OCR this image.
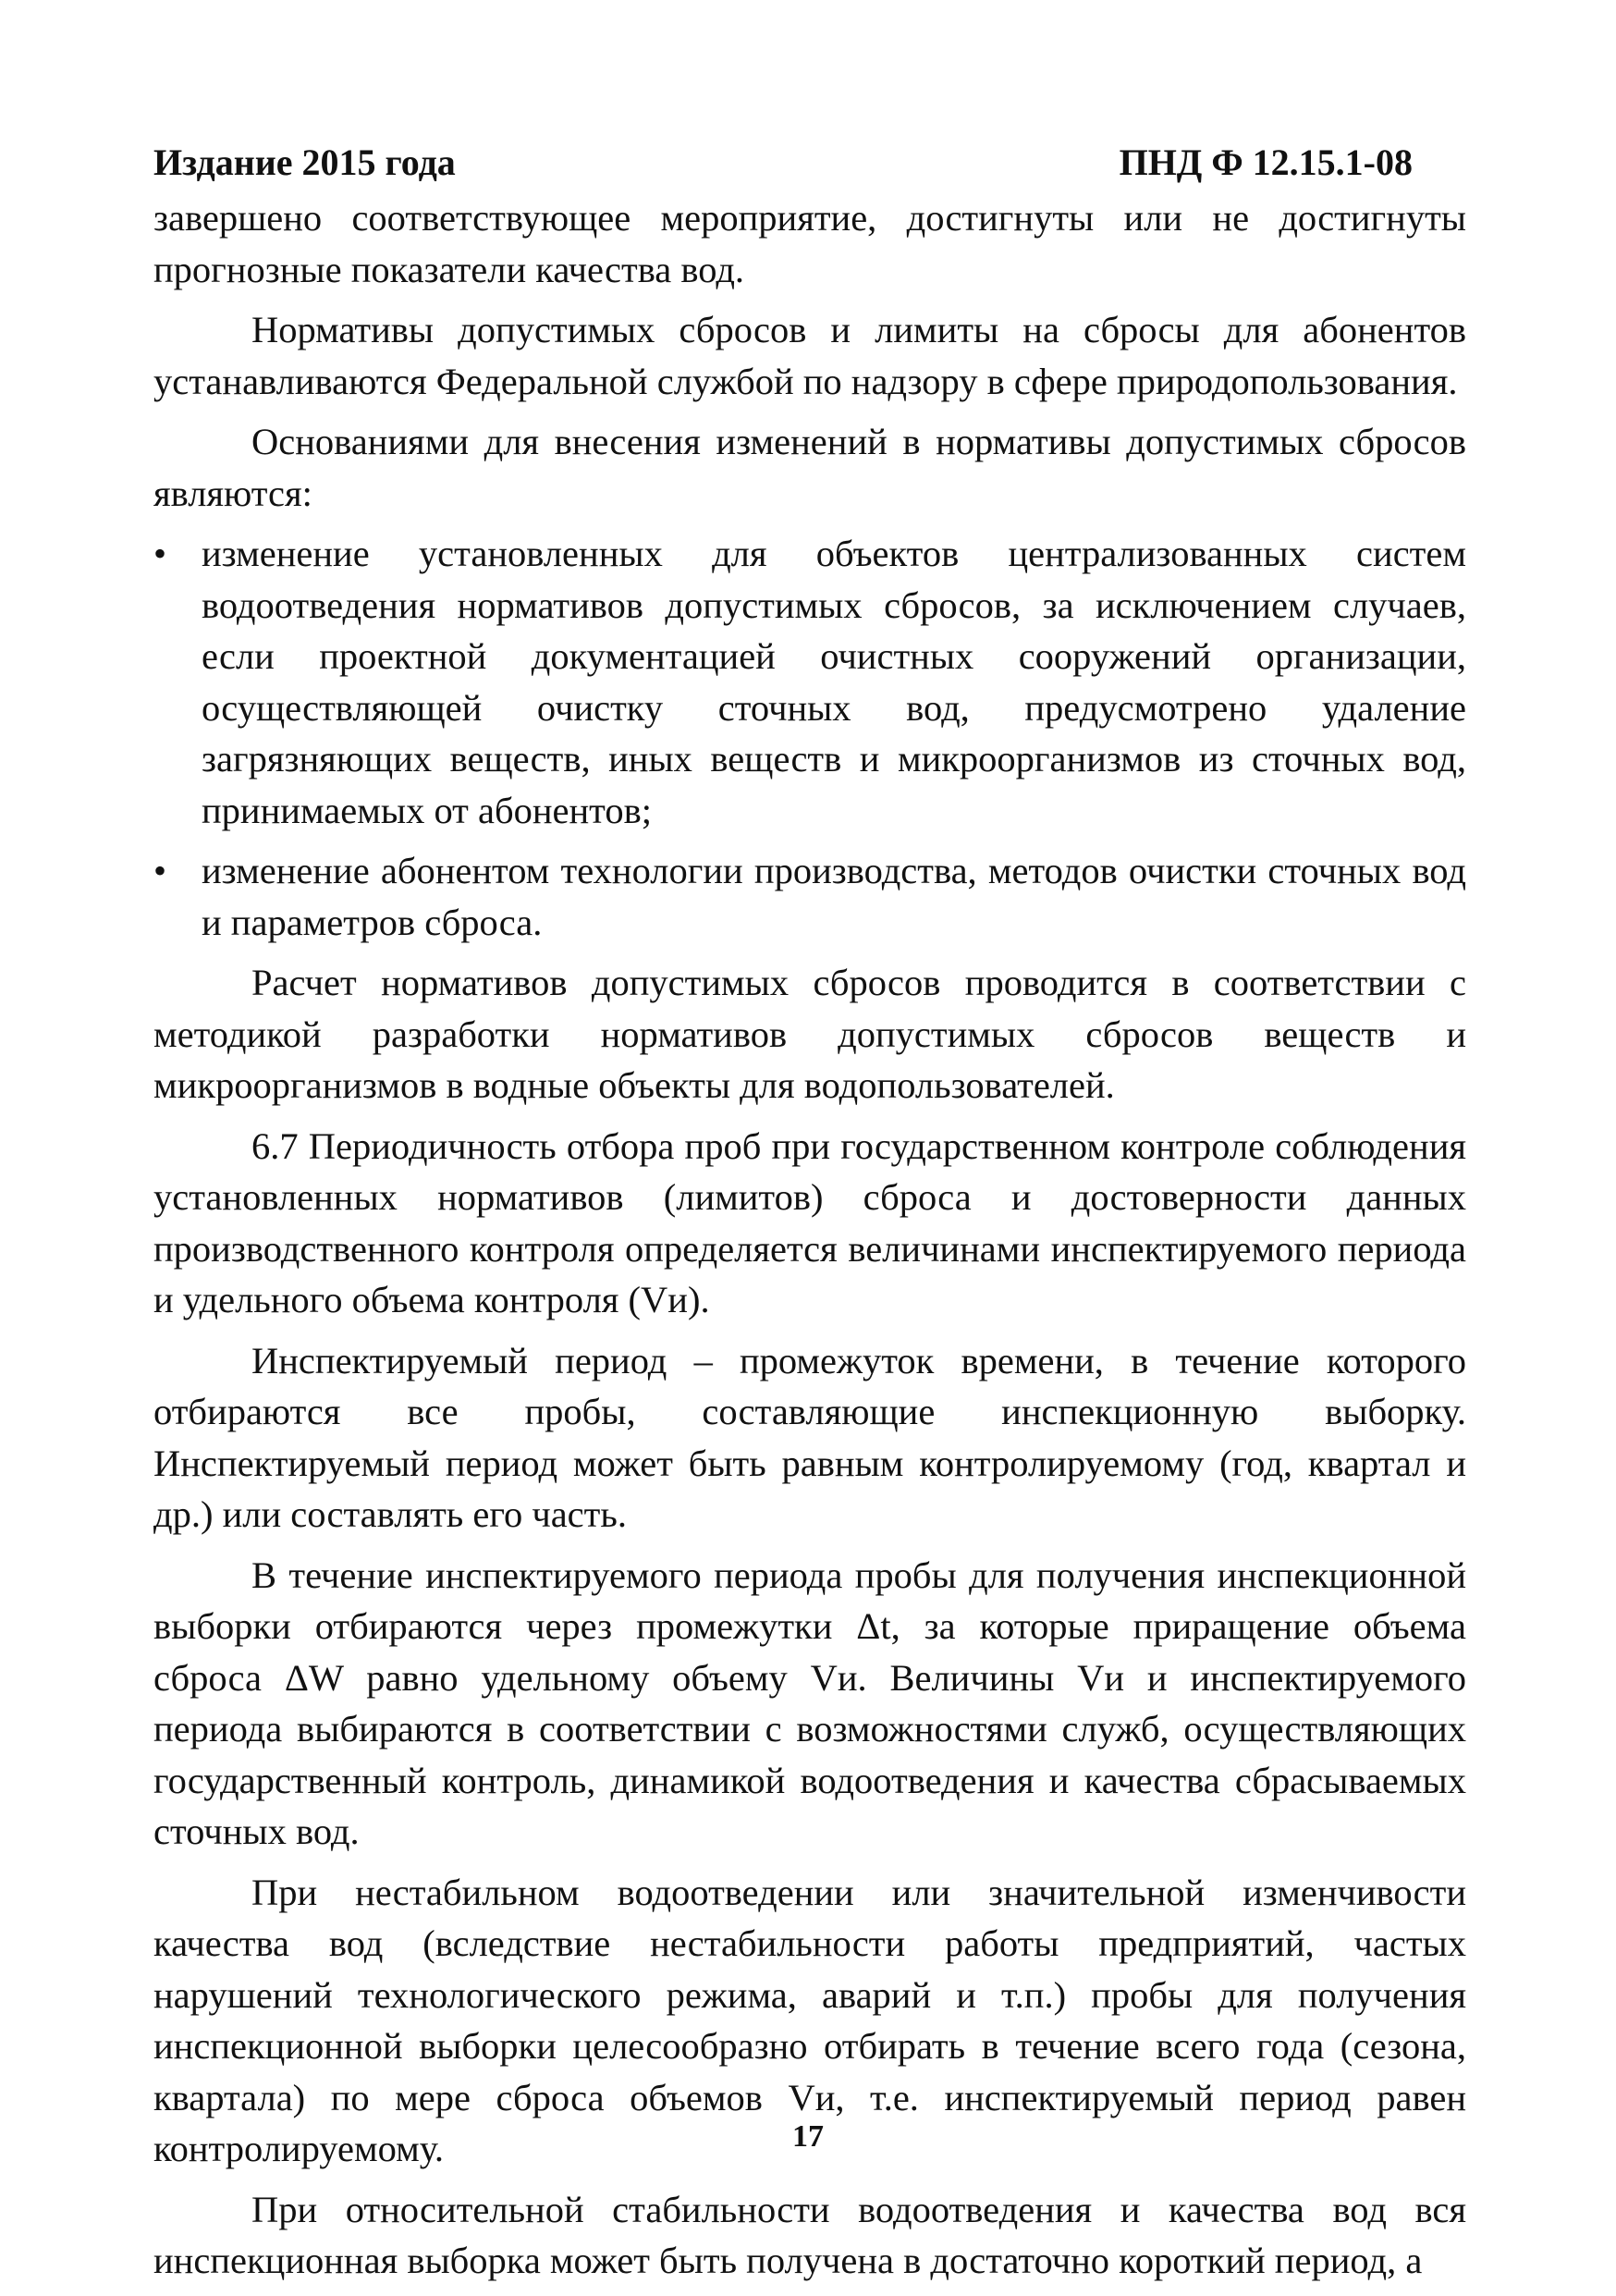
Издание 2015 года	ПНД Ф 12.15.1-08

завершено соответствующее мероприятие, достигнуты или не достигнуты прогнозные показатели качества вод.

Нормативы допустимых сбросов и лимиты на сбросы для абонентов устанавливаются Федеральной службой по надзору в сфере природопользования.

Основаниями для внесения изменений в нормативы допустимых сбросов являются:

• изменение установленных для объектов централизованных систем водоотведения нормативов допустимых сбросов, за исключением случаев, если проектной документацией очистных сооружений организации, осуществляющей очистку сточных вод, предусмотрено удаление загрязняющих веществ, иных веществ и микроорганизмов из сточных вод, принимаемых от абонентов;

• изменение абонентом технологии производства, методов очистки сточных вод и параметров сброса.

Расчет нормативов допустимых сбросов проводится в соответствии с методикой разработки нормативов допустимых сбросов веществ и микроорганизмов в водные объекты для водопользователей.

6.7 Периодичность отбора проб при государственном контроле соблюдения установленных нормативов (лимитов) сброса и достоверности данных производственного контроля определяется величинами инспектируемого периода и удельного объема контроля (Vи).

Инспектируемый период – промежуток времени, в течение которого отбираются все пробы, составляющие инспекционную выборку. Инспектируемый период может быть равным контролируемому (год, квартал и др.) или составлять его часть.

В течение инспектируемого периода пробы для получения инспекционной выборки отбираются через промежутки Δt, за которые приращение объема сброса ΔW равно удельному объему Vи. Величины Vи и инспектируемого периода выбираются в соответствии с возможностями служб, осуществляющих государственный контроль, динамикой водоотведения и качества сбрасываемых сточных вод.

При нестабильном водоотведении или значительной изменчивости качества вод (вследствие нестабильности работы предприятий, частых нарушений технологического режима, аварий и т.п.) пробы для получения инспекционной выборки целесообразно отбирать в течение всего года (сезона, квартала) по мере сброса объемов Vи, т.е. инспектируемый период равен контролируемому.

При относительной стабильности водоотведения и качества вод вся инспекционная выборка может быть получена в достаточно короткий период, а

17
